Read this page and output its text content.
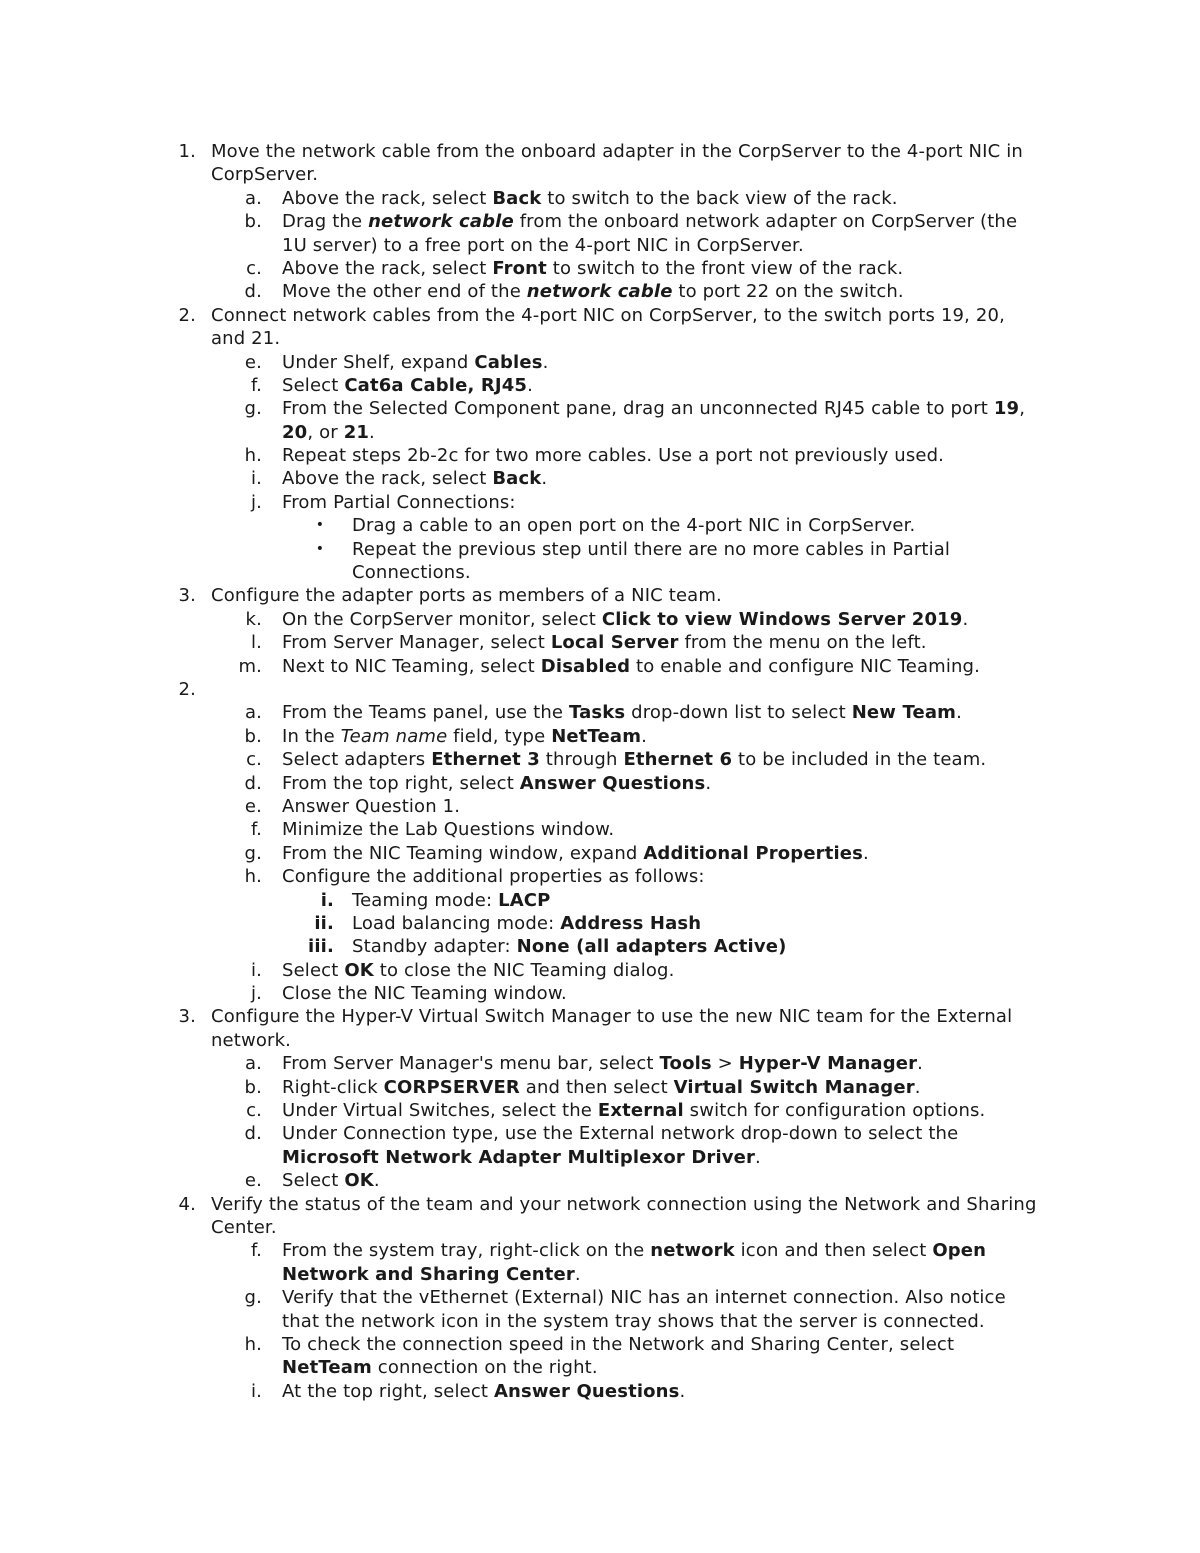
1. Move the network cable from the onboard adapter in the CorpServer to the 4-port NIC in
CorpServer.
a. Above the rack, select Back to switch to the back view of the rack.
b. Drag the network cable from the onboard network adapter on CorpServer (the
1U server) to a free port on the 4-port NIC in CorpServer.
c. Above the rack, select Front to switch to the front view of the rack.
d. Move the other end of the network cable to port 22 on the switch.
2. Connect network cables from the 4-port NIC on CorpServer, to the switch ports 19, 20,
and 21.
e. Under Shelf, expand Cables.
f. Select Cat6a Cable, RJ45.
g. From the Selected Component pane, drag an unconnected RJ45 cable to port 19,
20, or 21.
h. Repeat steps 2b-2c for two more cables. Use a port not previously used.
i. Above the rack, select Back.
j. From Partial Connections:
•	Drag a cable to an open port on the 4-port NIC in CorpServer.
•	Repeat the previous step until there are no more cables in Partial
Connections.
3. Configure the adapter ports as members of a NIC team.
k. On the CorpServer monitor, select Click to view Windows Server 2019.
l. From Server Manager, select Local Server from the menu on the left.
m. Next to NIC Teaming, select Disabled to enable and configure NIC Teaming.
2.
a. From the Teams panel, use the Tasks drop-down list to select New Team.
b. In the Team name field, type NetTeam.
c. Select adapters Ethernet 3 through Ethernet 6 to be included in the team.
d. From the top right, select Answer Questions.
e. Answer Question 1.
f. Minimize the Lab Questions window.
g. From the NIC Teaming window, expand Additional Properties.
h. Configure the additional properties as follows:
i. Teaming mode: LACP
ii. Load balancing mode: Address Hash
iii. Standby adapter: None (all adapters Active)
i. Select OK to close the NIC Teaming dialog.
j. Close the NIC Teaming window.
3. Configure the Hyper-V Virtual Switch Manager to use the new NIC team for the External
network.
a. From Server Manager's menu bar, select Tools > Hyper-V Manager.
b. Right-click CORPSERVER and then select Virtual Switch Manager.
c. Under Virtual Switches, select the External switch for configuration options.
d. Under Connection type, use the External network drop-down to select the
Microsoft Network Adapter Multiplexor Driver.
e. Select OK.
4. Verify the status of the team and your network connection using the Network and Sharing
Center.
f. From the system tray, right-click on the network icon and then select Open
Network and Sharing Center.
g. Verify that the vEthernet (External) NIC has an internet connection. Also notice
that the network icon in the system tray shows that the server is connected.
h. To check the connection speed in the Network and Sharing Center, select
NetTeam connection on the right.
i. At the top right, select Answer Questions.
